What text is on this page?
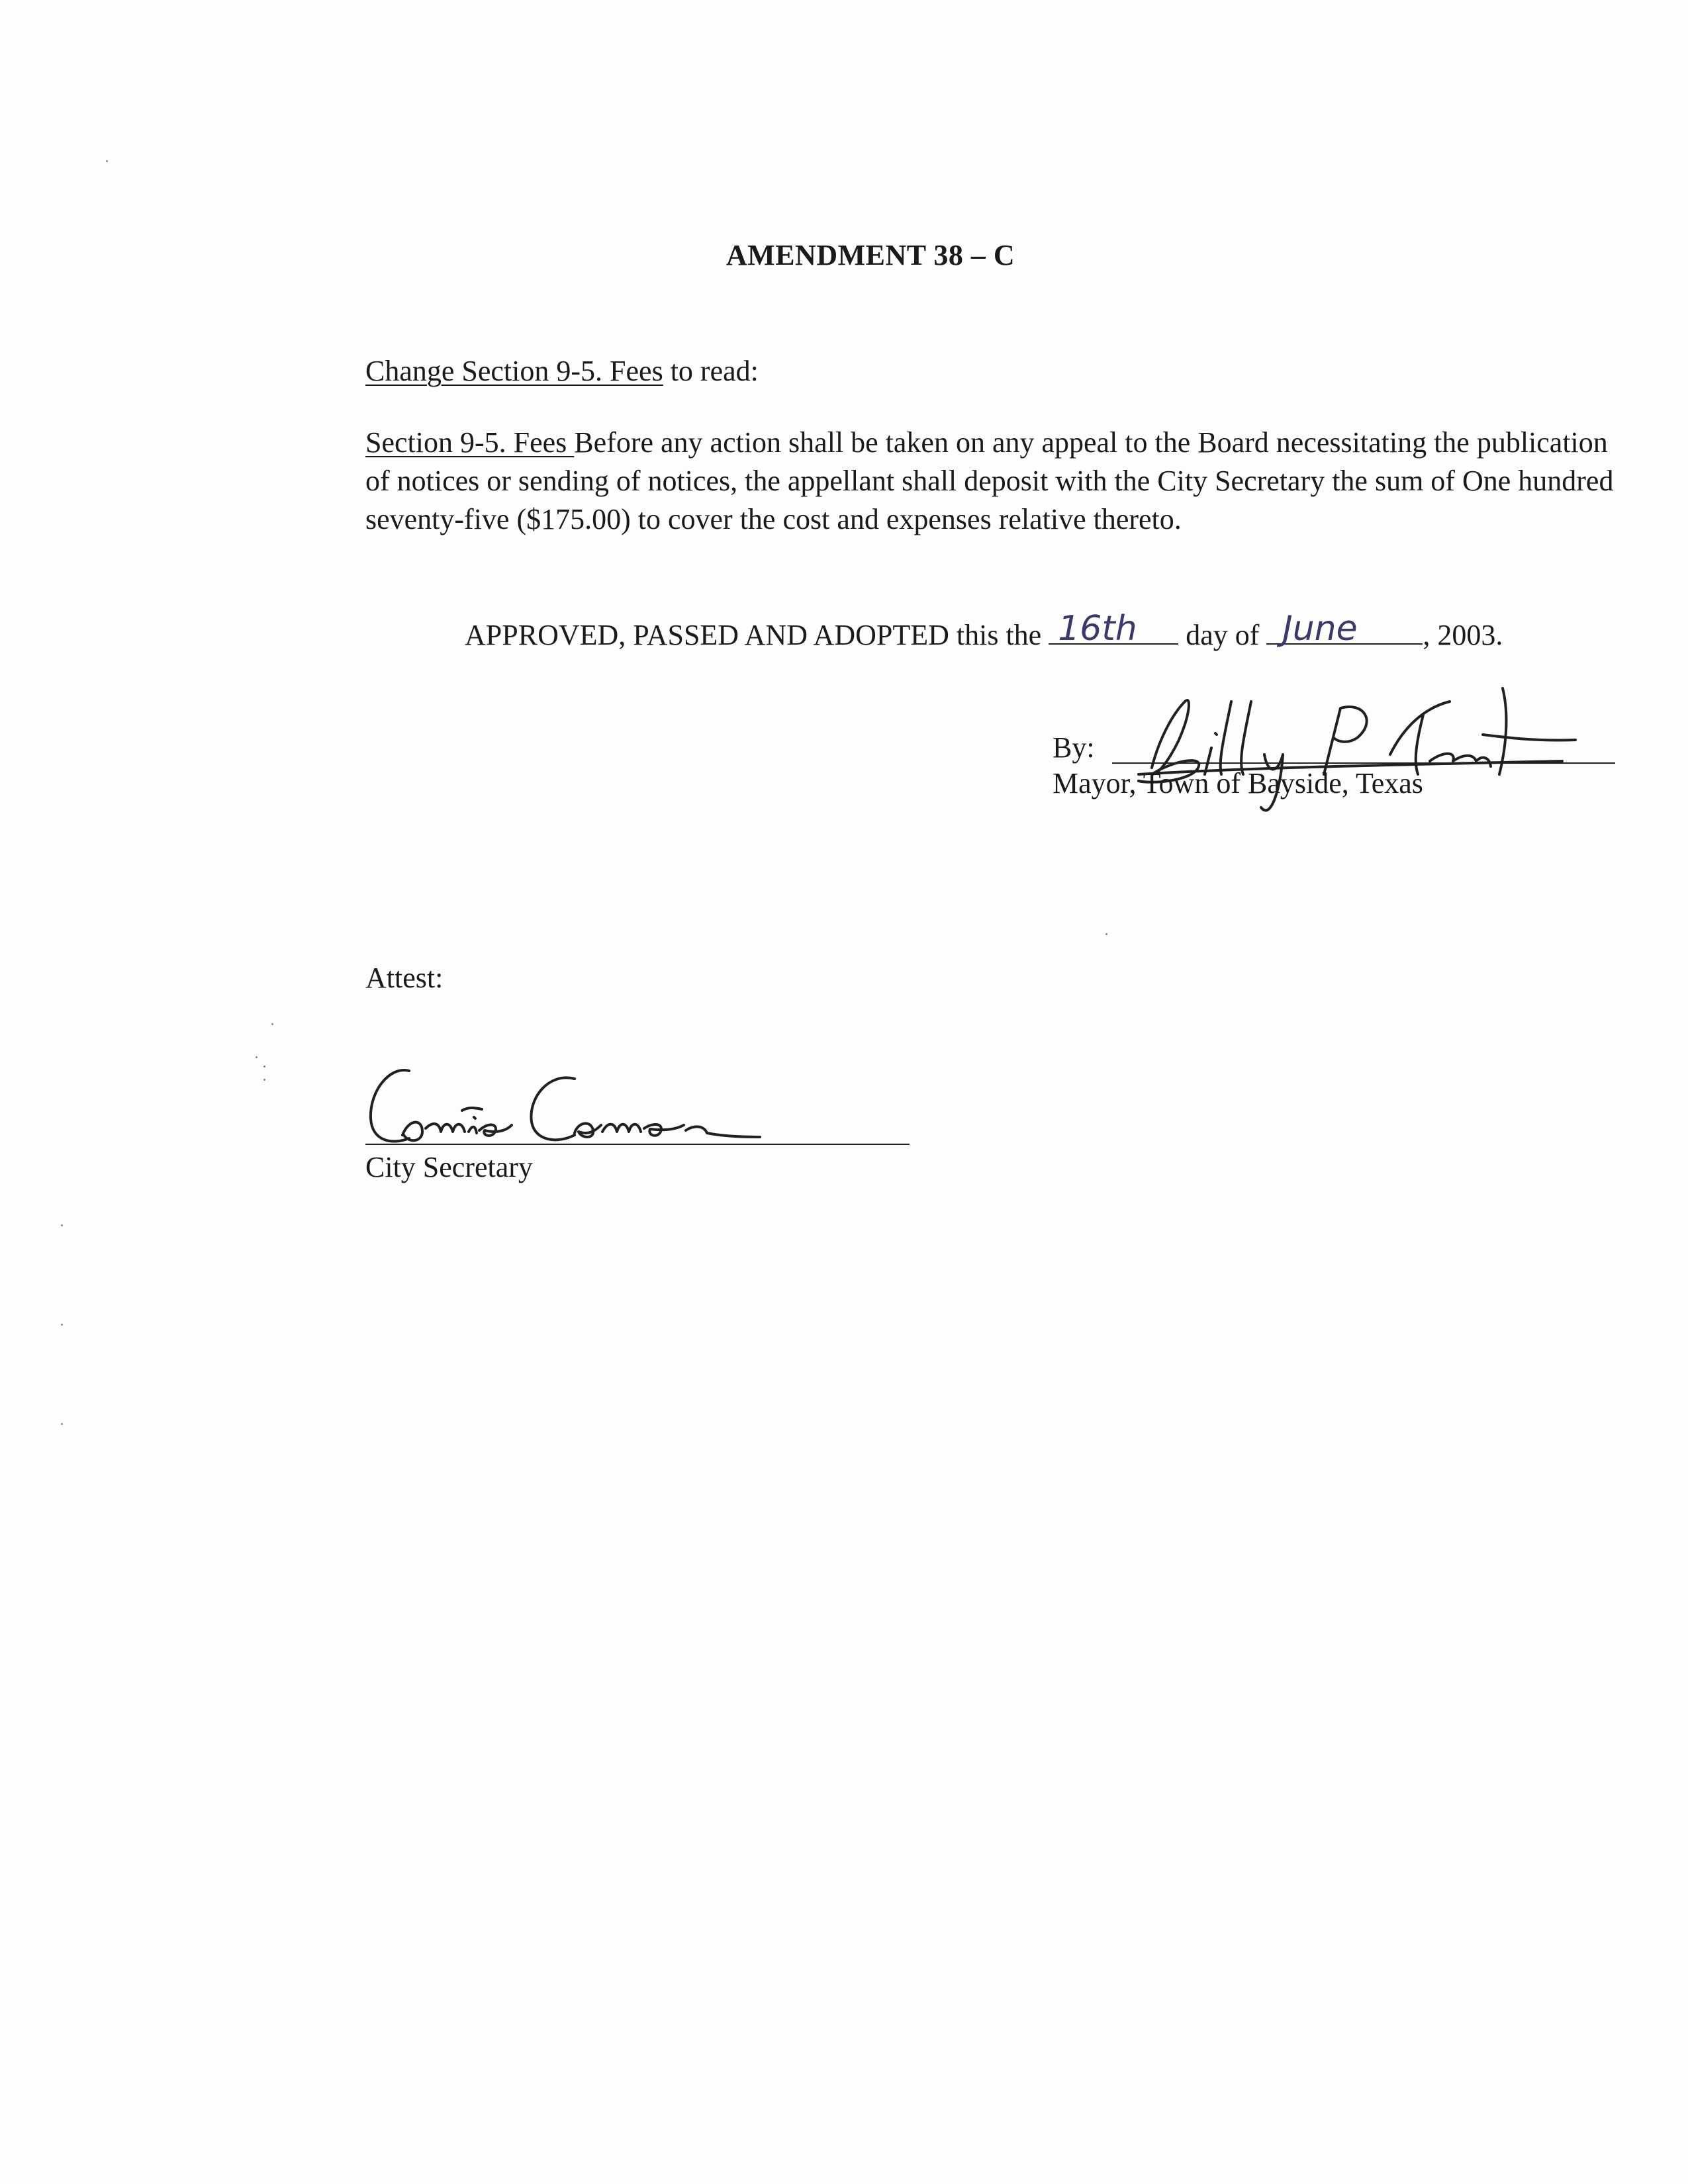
AMENDMENT 38 – C
Change Section 9-5. Fees to read:
Section 9-5. Fees Before any action shall be taken on any appeal to the Board necessitating the publication of notices or sending of notices, the appellant shall deposit with the City Secretary the sum of One hundred seventy-five ($175.00) to cover the cost and expenses relative thereto.
APPROVED, PASSED AND ADOPTED this the 16th day of June , 2003.
By:
Mayor, Town of Bayside, Texas
Attest:
City Secretary
